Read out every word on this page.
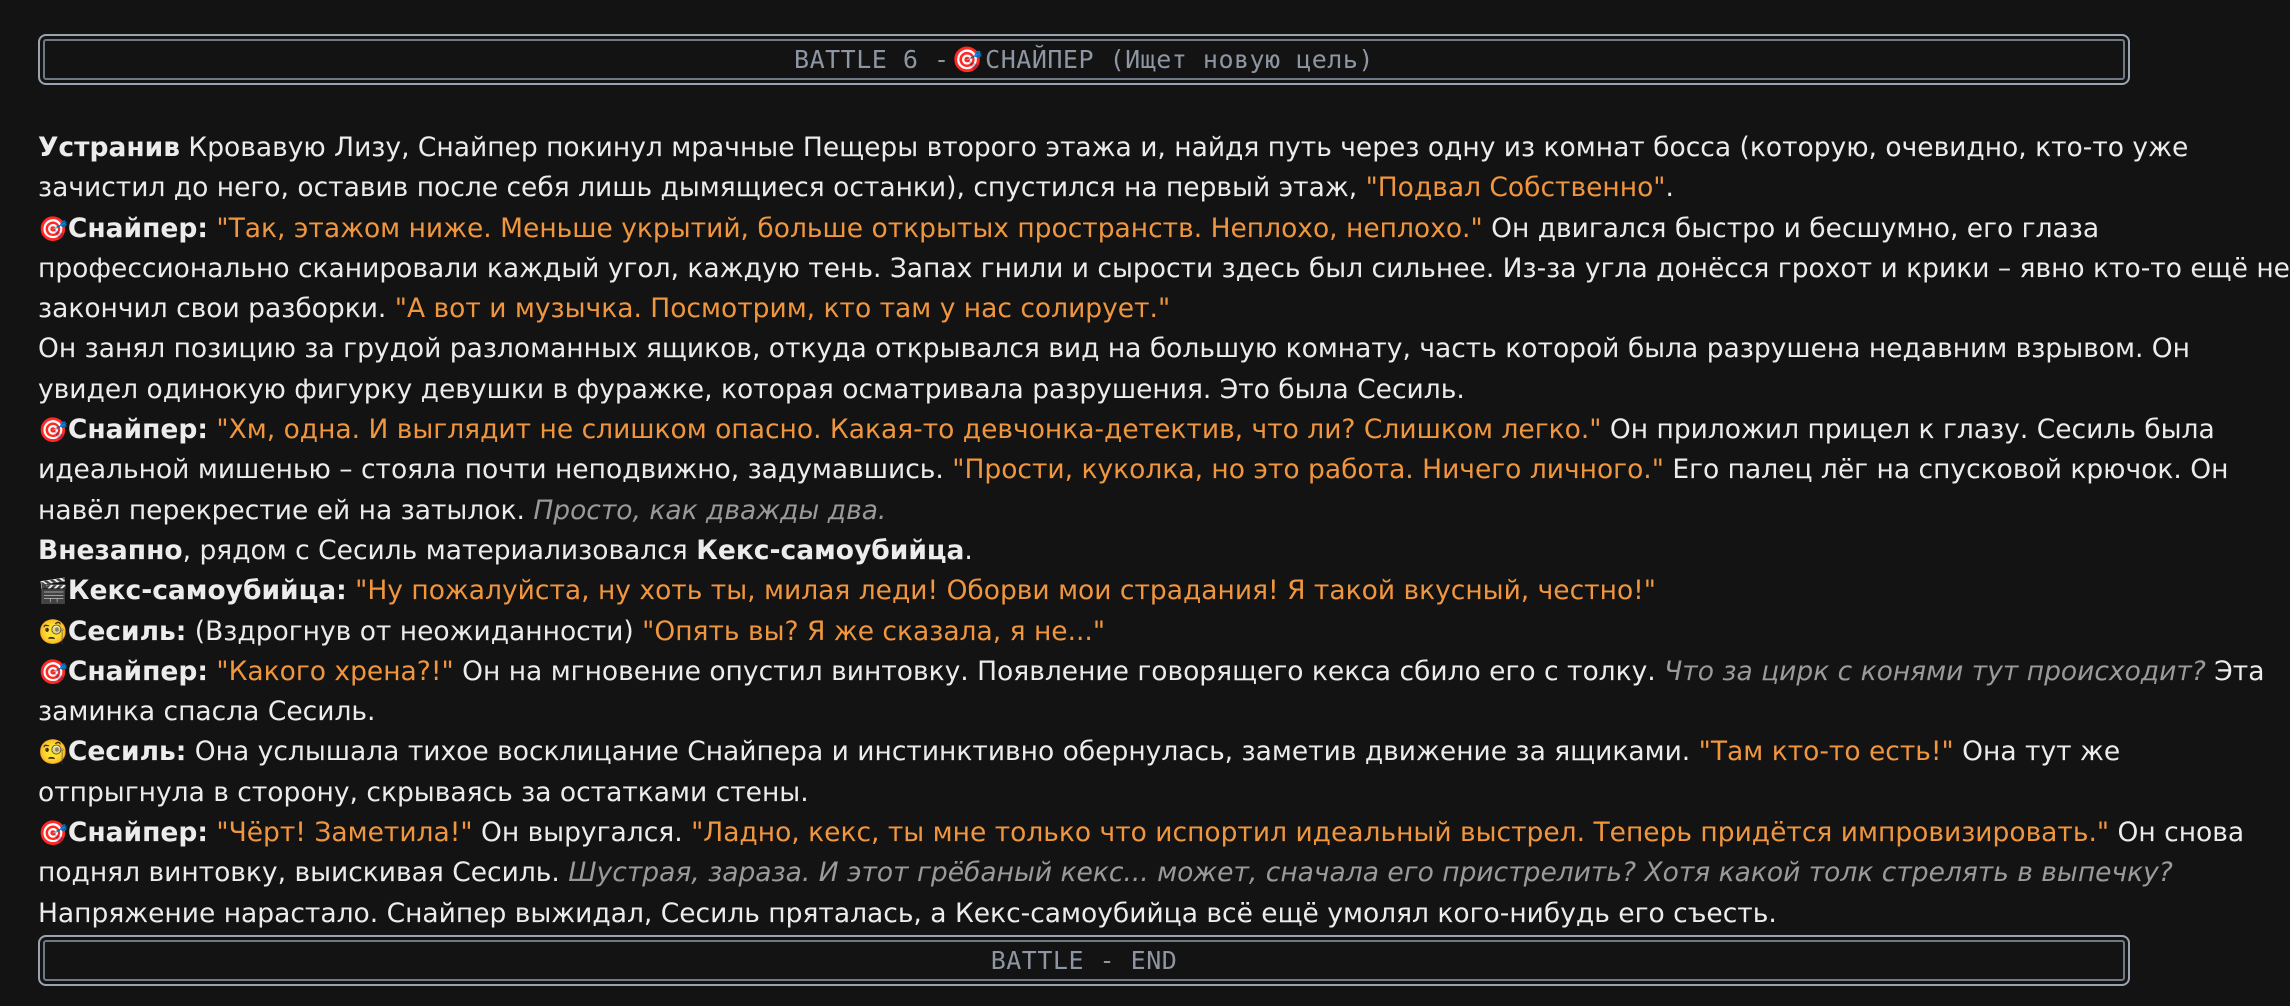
BATTLE 6 - 🎯 СНАЙПЕР (Ищет новую цель)
Устранив Кровавую Лизу, Снайпер покинул мрачные Пещеры второго этажа и, найдя путь через одну из комнат босса (которую, очевидно, кто-то уже
зачистил до него, оставив после себя лишь дымящиеся останки), спустился на первый этаж, "Подвал Собственно".
🎯Снайпер: "Так, этажом ниже. Меньше укрытий, больше открытых пространств. Неплохо, неплохо." Он двигался быстро и бесшумно, его глаза
профессионально сканировали каждый угол, каждую тень. Запах гнили и сырости здесь был сильнее. Из-за угла донёсся грохот и крики – явно кто-то ещё не
закончил свои разборки. "А вот и музычка. Посмотрим, кто там у нас солирует."
Он занял позицию за грудой разломанных ящиков, откуда открывался вид на большую комнату, часть которой была разрушена недавним взрывом. Он
увидел одинокую фигурку девушки в фуражке, которая осматривала разрушения. Это была Сесиль.
🎯Снайпер: "Хм, одна. И выглядит не слишком опасно. Какая-то девчонка-детектив, что ли? Слишком легко." Он приложил прицел к глазу. Сесиль была
идеальной мишенью – стояла почти неподвижно, задумавшись. "Прости, куколка, но это работа. Ничего личного." Его палец лёг на спусковой крючок. Он
навёл перекрестие ей на затылок. Просто, как дважды два.
Внезапно, рядом с Сесиль материализовался Кекс-самоубийца.
🎬Кекс-самоубийца: "Ну пожалуйста, ну хоть ты, милая леди! Оборви мои страдания! Я такой вкусный, честно!"
🧐Сесиль: (Вздрогнув от неожиданности) "Опять вы? Я же сказала, я не..."
🎯Снайпер: "Какого хрена?!" Он на мгновение опустил винтовку. Появление говорящего кекса сбило его с толку. Что за цирк с конями тут происходит? Эта
заминка спасла Сесиль.
🧐Сесиль: Она услышала тихое восклицание Снайпера и инстинктивно обернулась, заметив движение за ящиками. "Там кто-то есть!" Она тут же
отпрыгнула в сторону, скрываясь за остатками стены.
🎯Снайпер: "Чёрт! Заметила!" Он выругался. "Ладно, кекс, ты мне только что испортил идеальный выстрел. Теперь придётся импровизировать." Он снова
поднял винтовку, выискивая Сесиль. Шустрая, зараза. И этот грёбаный кекс... может, сначала его пристрелить? Хотя какой толк стрелять в выпечку?
Напряжение нарастало. Снайпер выжидал, Сесиль пряталась, а Кекс-самоубийца всё ещё умолял кого-нибудь его съесть.
BATTLE - END
